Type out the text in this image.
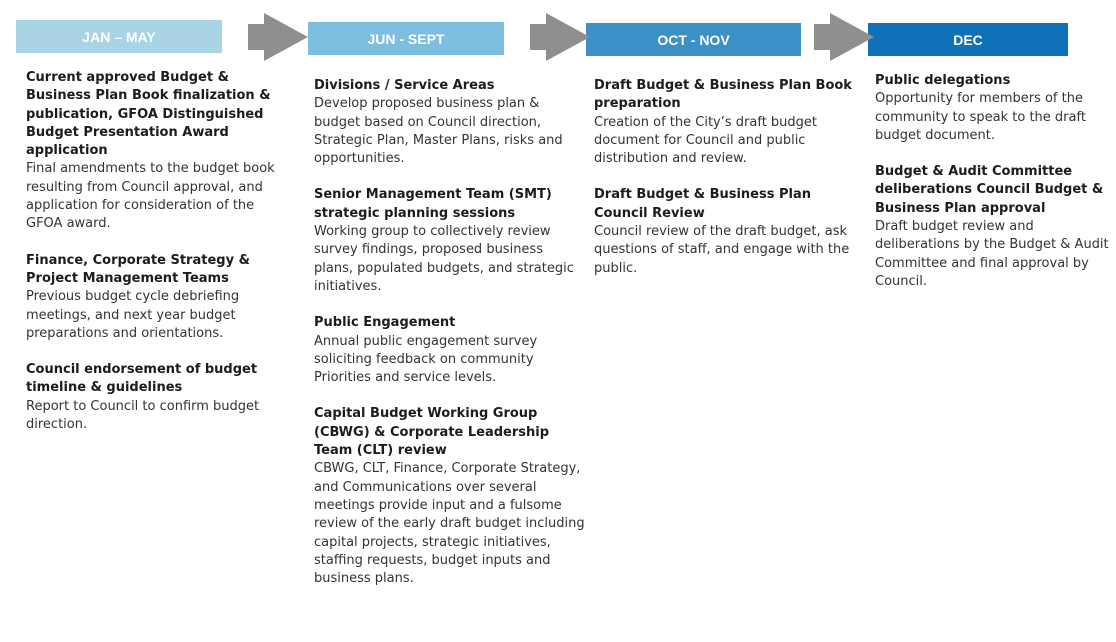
JAN – MAY	JUN - SEPT	OCT - NOV	DEC
Current approved Budget & Business Plan Book finalization & publication, GFOA Distinguished Budget Presentation Award application
Final amendments to the budget book resulting from Council approval, and application for consideration of the GFOA award.
Finance, Corporate Strategy & Project Management Teams
Previous budget cycle debriefing meetings, and next year budget preparations and orientations.
Council endorsement of budget timeline & guidelines
Report to Council to confirm budget direction.
Divisions / Service Areas
Develop proposed business plan & budget based on Council direction, Strategic Plan, Master Plans, risks and opportunities.
Senior Management Team (SMT) strategic planning sessions
Working group to collectively review survey findings, proposed business plans, populated budgets, and strategic initiatives.
Public Engagement
Annual public engagement survey soliciting feedback on community Priorities and service levels.
Capital Budget Working Group (CBWG) & Corporate Leadership Team (CLT) review
CBWG, CLT, Finance, Corporate Strategy, and Communications over several meetings provide input and a fulsome review of the early draft budget including capital projects, strategic initiatives, staffing requests, budget inputs and business plans.
Draft Budget & Business Plan Book preparation
Creation of the City’s draft budget document for Council and public distribution and review.
Draft Budget & Business Plan Council Review
Council review of the draft budget, ask questions of staff, and engage with the public.
Public delegations
Opportunity for members of the community to speak to the draft budget document.
Budget & Audit Committee deliberations Council Budget & Business Plan approval
Draft budget review and deliberations by the Budget & Audit Committee and final approval by Council.
